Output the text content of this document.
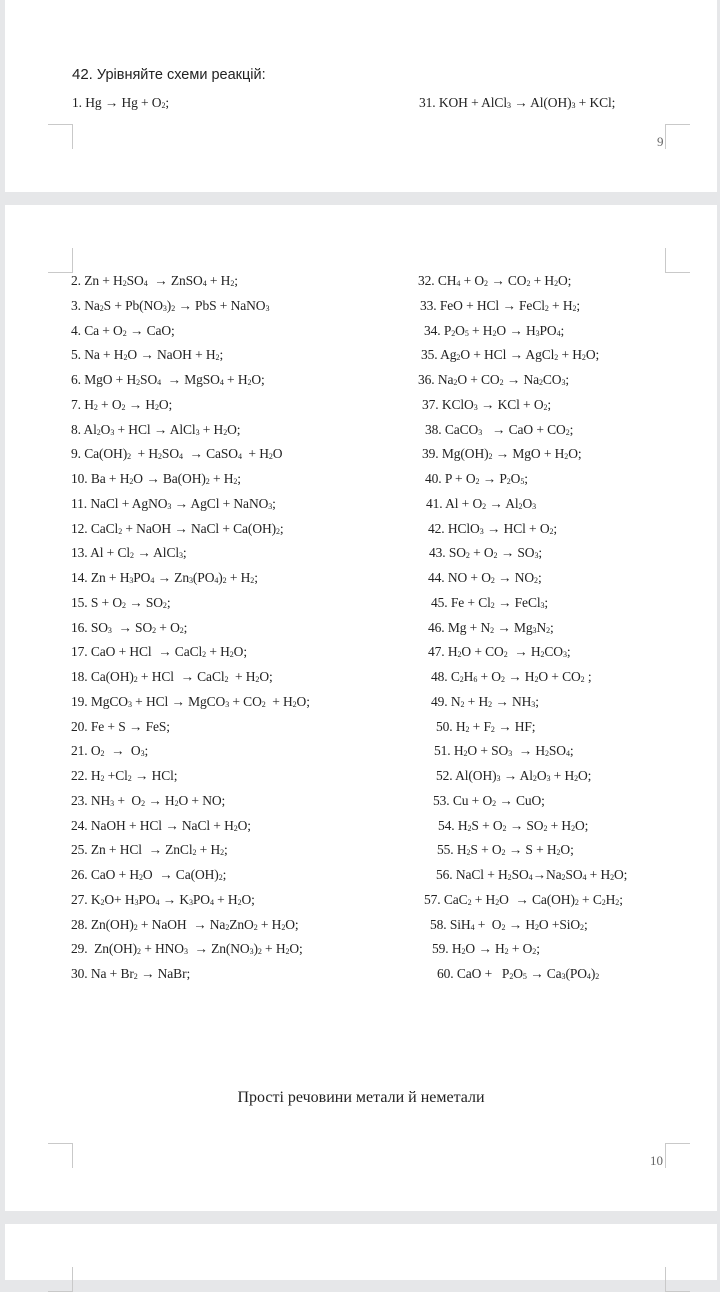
42. Урівняйте схеми реакцій:
1. $Hg \to Hg + O_2$;	31. KOH + AlCl$_3$ → $Al(OH)_3$ + KCl;
9
2. $Zn + H_2SO_4$  → ZnSO$_4$ + $H_2$;
3. $Na_2S + Pb(NO_3)_2$ → PbS + NaNO$_3$
4. $Ca + O_2$ → CaO;
5. $Na + H_2O$ → NaOH + $H_2$;
6. MgO + $H_2SO_4$  → MgSO$_4$ + $H_2O$;
7. $H_2 + O_2 \to H_2O$;
8. $Al_2O_3$ + HCl → AlCl$_3$ + $H_2O$;
9. $Ca(OH)_2 + H_2SO_4$  → CaSO$_4$  + $H_2O$
10. $Ba + H_2O \to Ba(OH)_2 + H_2$;
11. NaCl + AgNO$_3$ → AgCl + NaNO$_3$;
12. CaCl$_2$ + NaOH → NaCl + $Ca(OH)_2$;
13. $Al + Cl_2$ → AlCl$_3$;
14. $Zn + H_3PO_4 \to Zn_3(PO_4)_2 + H_2$;
15. $S + O_2 \to SO_2$;
16. $SO_3 \to SO_2 + O_2$;
17. CaO + HCl  → CaCl$_2$ + $H_2O$;
18. $Ca(OH)_2$ + HCl  → CaCl$_2$  + $H_2O$;
19. MgCO$_3$ + HCl → MgCO$_3$ + $CO_2 + H_2O$;
20. Fe + S → FeS;
21. $O_2 \to O_3$;
22. $H_2 +Cl_2$ → HCl;
23. $NH_3 + O_2 \to H_2O$ + NO;
24. NaOH + HCl → NaCl + $H_2O$;
25. Zn + HCl  → ZnCl$_2$ + $H_2$;
26. CaO + $H_2O \to Ca(OH)_2$;
27. $K_2O+ H_3PO_4 \to K_3PO_4 + H_2O$;
28. $Zn(OH)_2$ + NaOH  → $Na_2ZnO_2 + H_2O$;
29.  $Zn(OH)_2 + HNO_3 \to Zn(NO_3)_2 + H_2O$;
30. $Na + Br_2$ → NaBr;
32. $CH_4 + O_2 \to CO_2 + H_2O$;
33. FeO + HCl → FeCl$_2$ + $H_2$;
34. $P_2O_5 + H_2O \to H_3PO_4$;
35. $Ag_2O$ + HCl → AgCl$_2$ + $H_2O$;
36. $Na_2O + CO_2 \to Na_2CO_3$;
37. KClO$_3$ → KCl + $O_2$;
38. CaCO$_3$   → CaO + $CO_2$;
39. $Mg(OH)_2$ → MgO + $H_2O$;
40. $P + O_2 \to P_2O_5$;
41. $Al + O_2 \to Al_2O_3$
42. HClO$_3$ → HCl + $O_2$;
43. $SO_2 + O_2 \to SO_3$;
44. NO + $O_2 \to NO_2$;
45. $Fe + Cl_2$ → FeCl$_3$;
46. $Mg + N_2 \to Mg_3N_2$;
47. $H_2O + CO_2 \to H_2CO_3$;
48. $C_2H_6 + O_2 \to H_2O + CO_2$ ;
49. $N_2 + H_2 \to NH_3$;
50. $H_2 + F_2$ → HF;
51. $H_2O + SO_3 \to H_2SO_4$;
52. $Al(OH)_3 \to Al_2O_3 + H_2O$;
53. $Cu + O_2$ → CuO;
54. $H_2S + O_2 \to SO_2 + H_2O$;
55. $H_2S + O_2 \to S + H_2O$;
56. NaCl + $H_2SO_4\to Na_2SO_4 + H_2O$;
57. $CaC_2 + H_2O \to Ca(OH)_2 + C_2H_2$;
58. $SiH_4 + O_2 \to H_2O +SiO_2$;
59. $H_2O \to H_2 + O_2$;
60. CaO +   $P_2O_5 \to Ca_3(PO_4)_2$
Прості речовини метали й неметали
10
